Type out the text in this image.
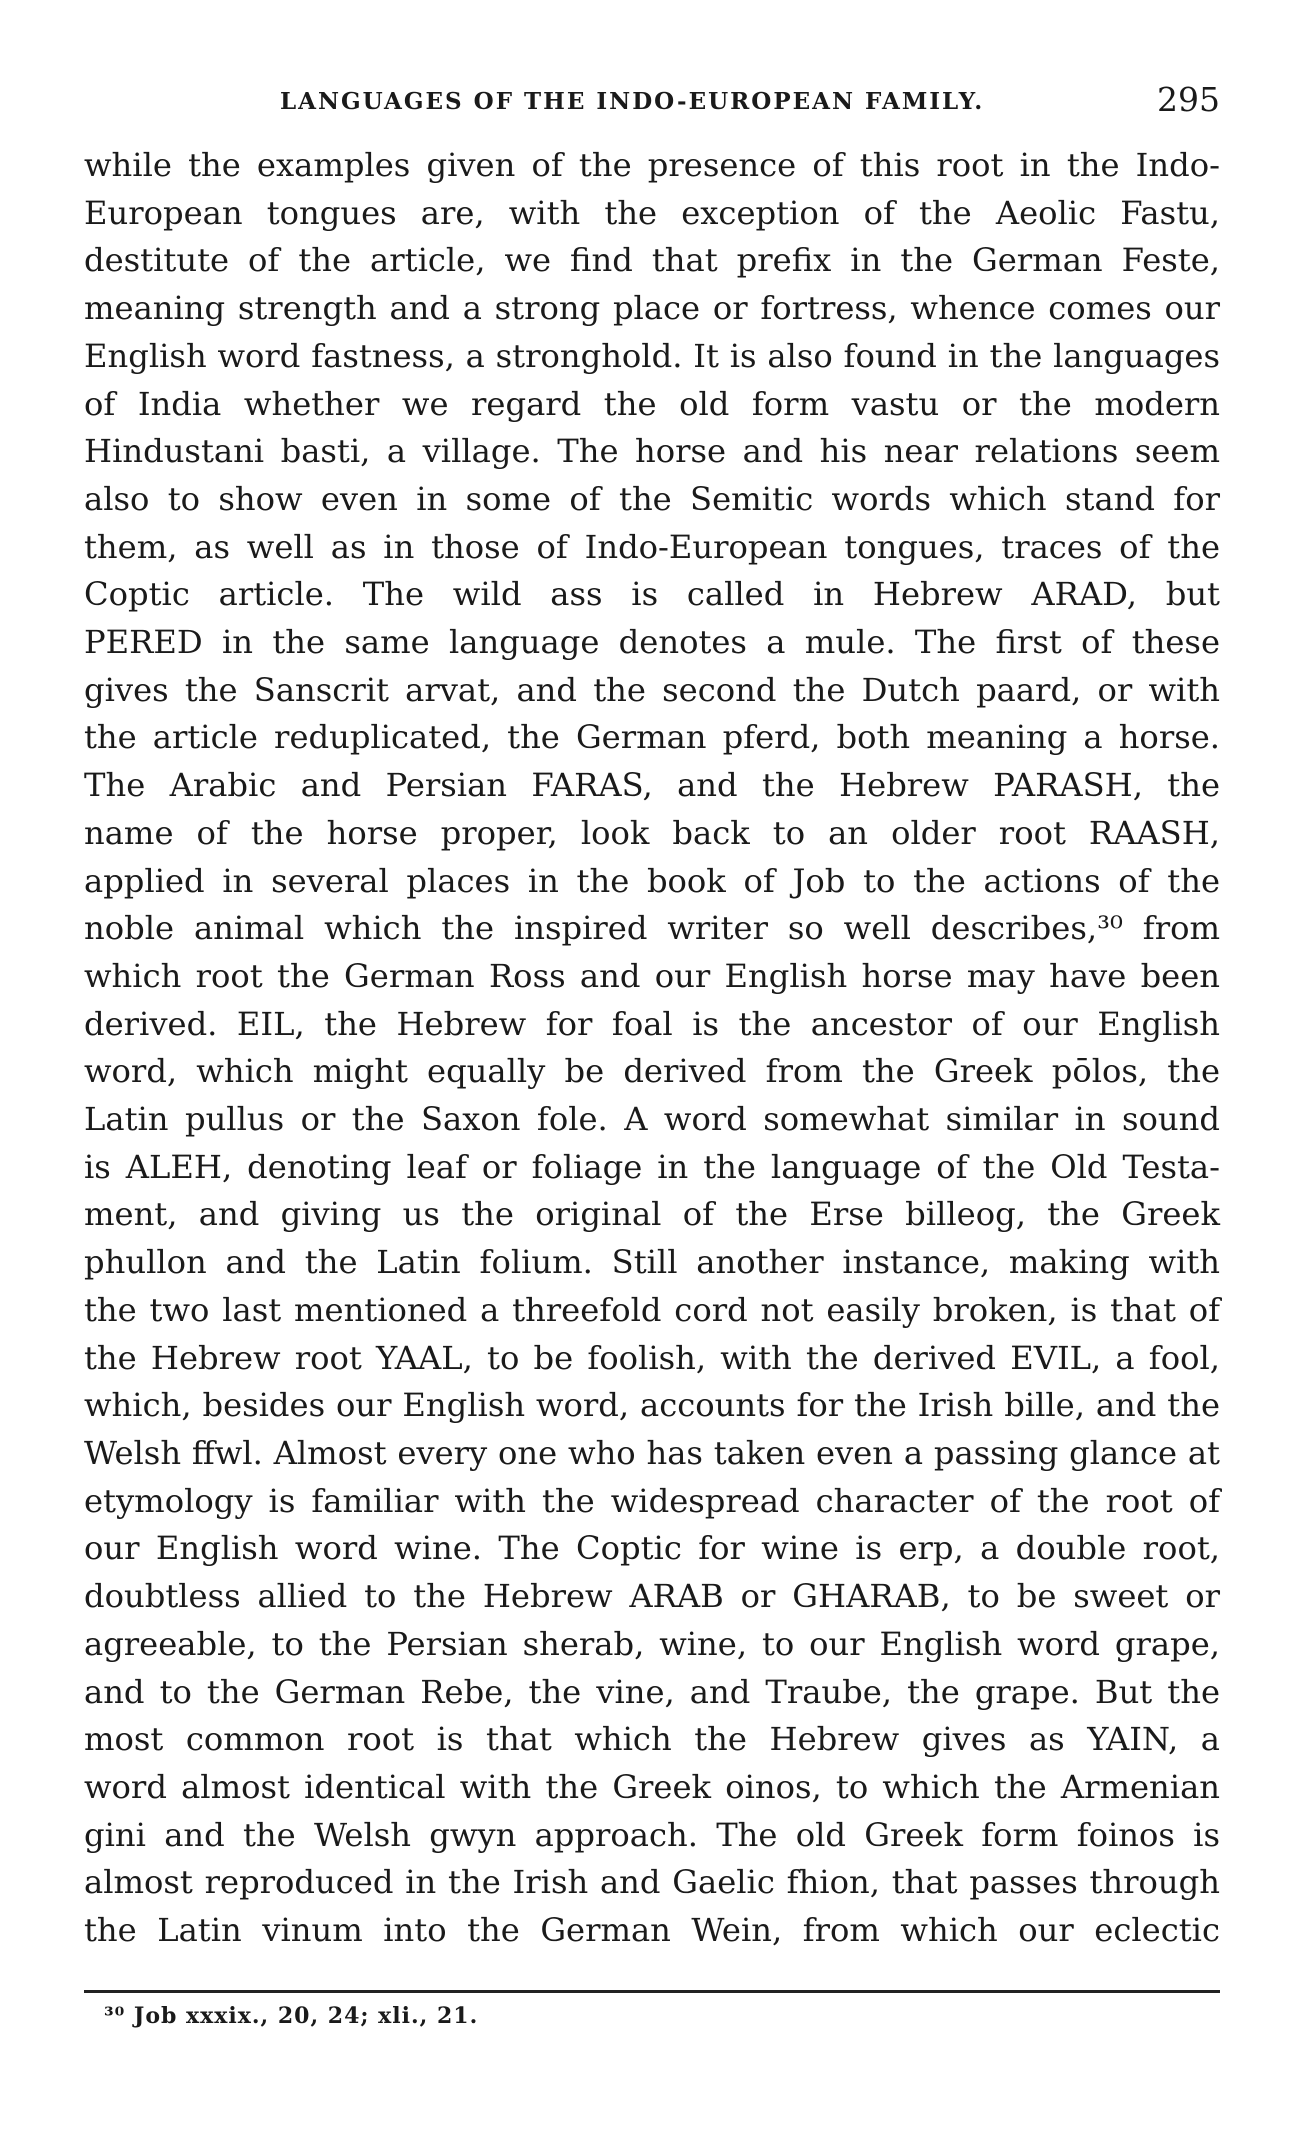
LANGUAGES OF THE INDO-EUROPEAN FAMILY.	295
while the examples given of the presence of this root in the Indo-
European tongues are, with the exception of the Aeolic Fastu,
destitute of the article, we find that prefix in the German Feste,
meaning strength and a strong place or fortress, whence comes our
English word fastness, a stronghold. It is also found in the languages
of India whether we regard the old form vastu or the modern
Hindustani basti, a village. The horse and his near relations seem
also to show even in some of the Semitic words which stand for
them, as well as in those of Indo-European tongues, traces of the
Coptic article. The wild ass is called in Hebrew ARAD, but
PERED in the same language denotes a mule. The first of these
gives the Sanscrit arvat, and the second the Dutch paard, or with
the article reduplicated, the German pferd, both meaning a horse.
The Arabic and Persian FARAS, and the Hebrew PARASH, the
name of the horse proper, look back to an older root RAASH,
applied in several places in the book of Job to the actions of the
noble animal which the inspired writer so well describes,³⁰ from
which root the German Ross and our English horse may have been
derived. EIL, the Hebrew for foal is the ancestor of our English
word, which might equally be derived from the Greek pōlos, the
Latin pullus or the Saxon fole. A word somewhat similar in sound
is ALEH, denoting leaf or foliage in the language of the Old Testa-
ment, and giving us the original of the Erse billeog, the Greek
phullon and the Latin folium. Still another instance, making with
the two last mentioned a threefold cord not easily broken, is that of
the Hebrew root YAAL, to be foolish, with the derived EVIL, a fool,
which, besides our English word, accounts for the Irish bille, and the
Welsh ffwl. Almost every one who has taken even a passing glance at
etymology is familiar with the widespread character of the root of
our English word wine. The Coptic for wine is erp, a double root,
doubtless allied to the Hebrew ARAB or GHARAB, to be sweet or
agreeable, to the Persian sherab, wine, to our English word grape,
and to the German Rebe, the vine, and Traube, the grape. But the
most common root is that which the Hebrew gives as YAIN, a
word almost identical with the Greek oinos, to which the Armenian
gini and the Welsh gwyn approach. The old Greek form foinos is
almost reproduced in the Irish and Gaelic fhion, that passes through
the Latin vinum into the German Wein, from which our eclectic
³⁰ Job xxxix., 20, 24; xli., 21.
